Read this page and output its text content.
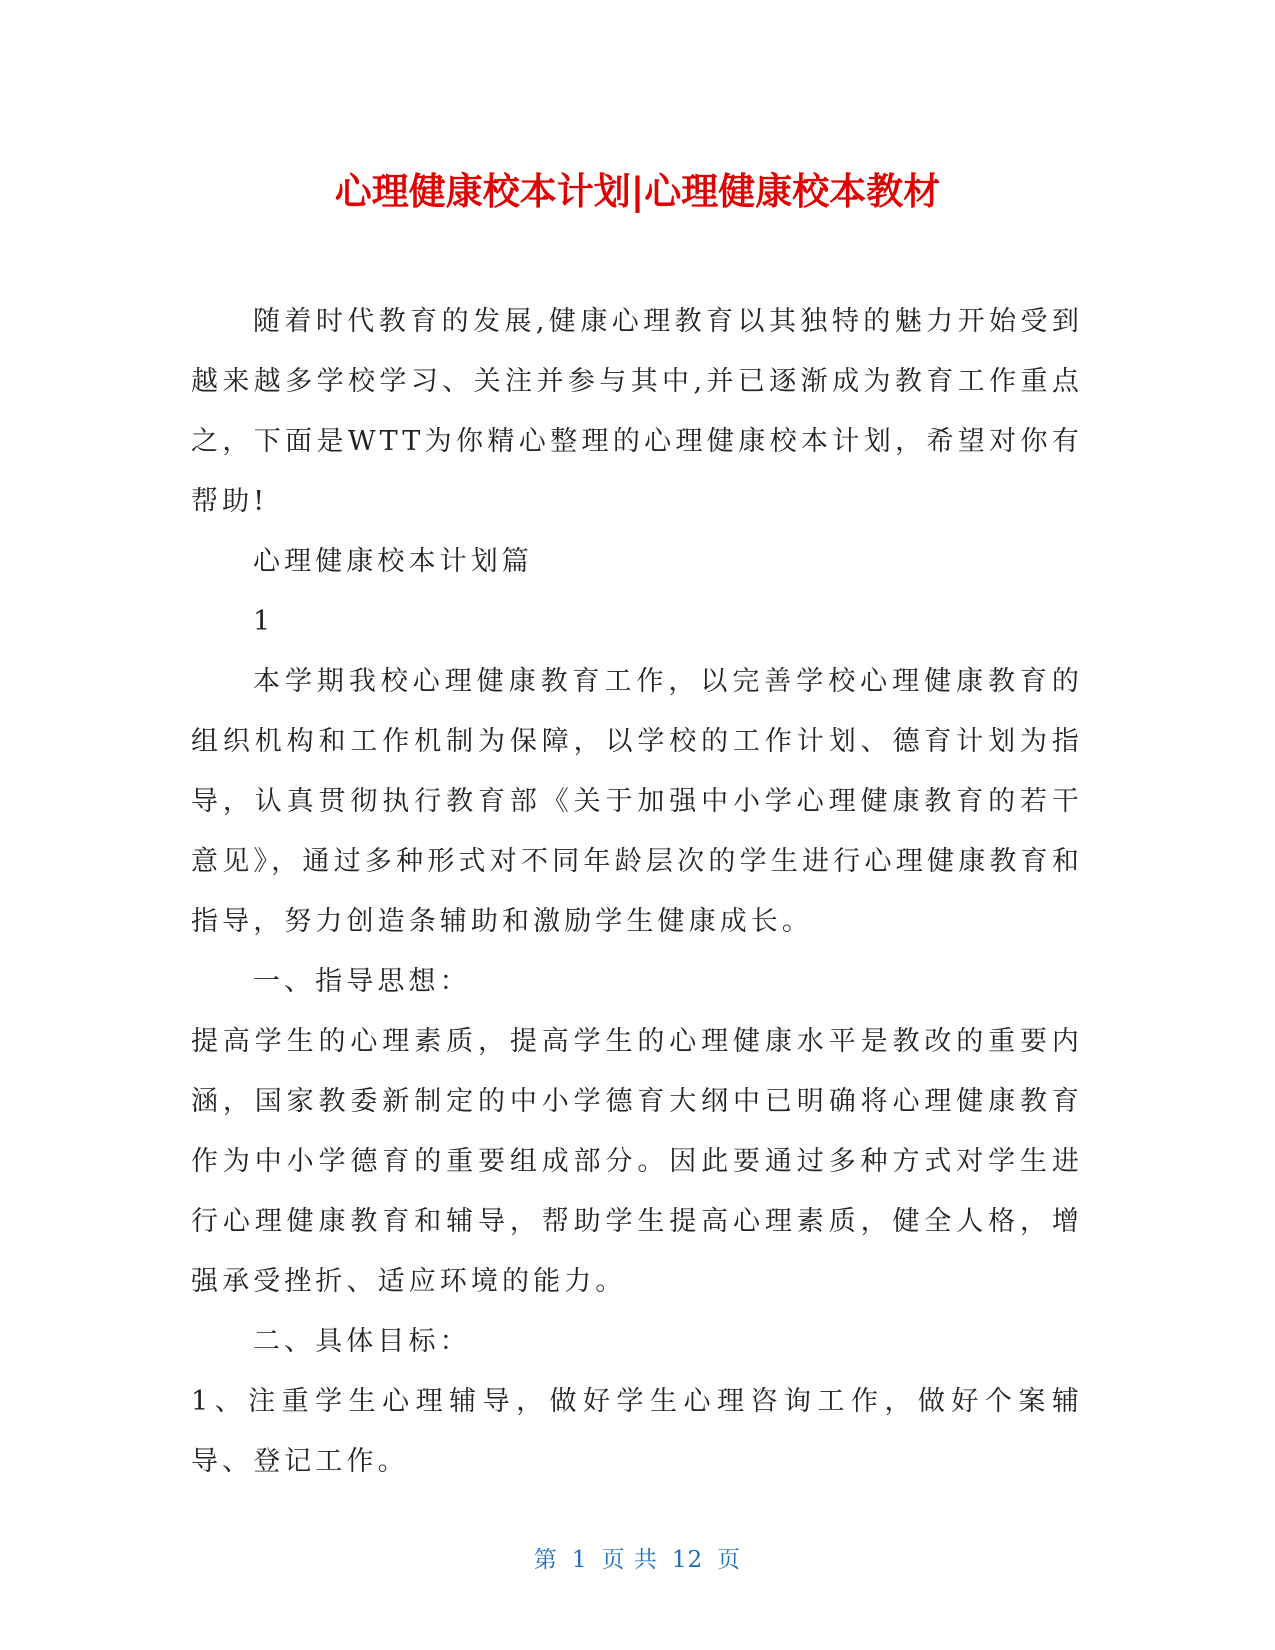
心理健康校本计划|心理健康校本教材

随着时代教育的发展,健康心理教育以其独特的魅力开始受到越来越多学校学习、关注并参与其中,并已逐渐成为教育工作重点之，下面是WTT为你精心整理的心理健康校本计划，希望对你有帮助!

心理健康校本计划篇

1

本学期我校心理健康教育工作，以完善学校心理健康教育的组织机构和工作机制为保障，以学校的工作计划、德育计划为指导，认真贯彻执行教育部《关于加强中小学心理健康教育的若干意见》，通过多种形式对不同年龄层次的学生进行心理健康教育和指导，努力创造条辅助和激励学生健康成长。

一、指导思想：

提高学生的心理素质，提高学生的心理健康水平是教改的重要内涵，国家教委新制定的中小学德育大纲中已明确将心理健康教育作为中小学德育的重要组成部分。因此要通过多种方式对学生进行心理健康教育和辅导，帮助学生提高心理素质，健全人格，增强承受挫折、适应环境的能力。

二、具体目标：

1、注重学生心理辅导，做好学生心理咨询工作，做好个案辅导、登记工作。

第 1 页 共 12 页
